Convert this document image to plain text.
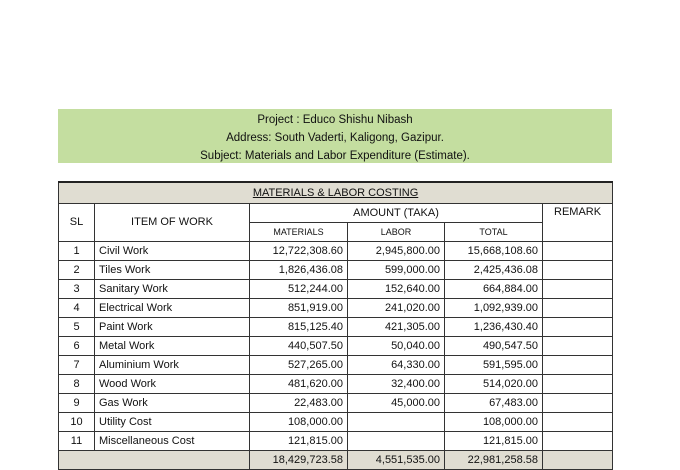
Project : Educo Shishu Nibash
Address: South Vaderti, Kaligong, Gazipur.
Subject: Materials and Labor Expenditure (Estimate).
MATERIALS & LABOR COSTING					
SL	ITEM OF WORK	AMOUNT (TAKA)			REMARK
		MATERIALS	LABOR	TOTAL	
1	Civil Work	12,722,308.60	2,945,800.00	15,668,108.60	
2	Tiles Work	1,826,436.08	599,000.00	2,425,436.08	
3	Sanitary Work	512,244.00	152,640.00	664,884.00	
4	Electrical Work	851,919.00	241,020.00	1,092,939.00	
5	Paint Work	815,125.40	421,305.00	1,236,430.40	
6	Metal Work	440,507.50	50,040.00	490,547.50	
7	Aluminium Work	527,265.00	64,330.00	591,595.00	
8	Wood Work	481,620.00	32,400.00	514,020.00	
9	Gas Work	22,483.00	45,000.00	67,483.00	
10	Utility Cost	108,000.00		108,000.00	
11	Miscellaneous Cost	121,815.00		121,815.00	
		18,429,723.58	4,551,535.00	22,981,258.58	
